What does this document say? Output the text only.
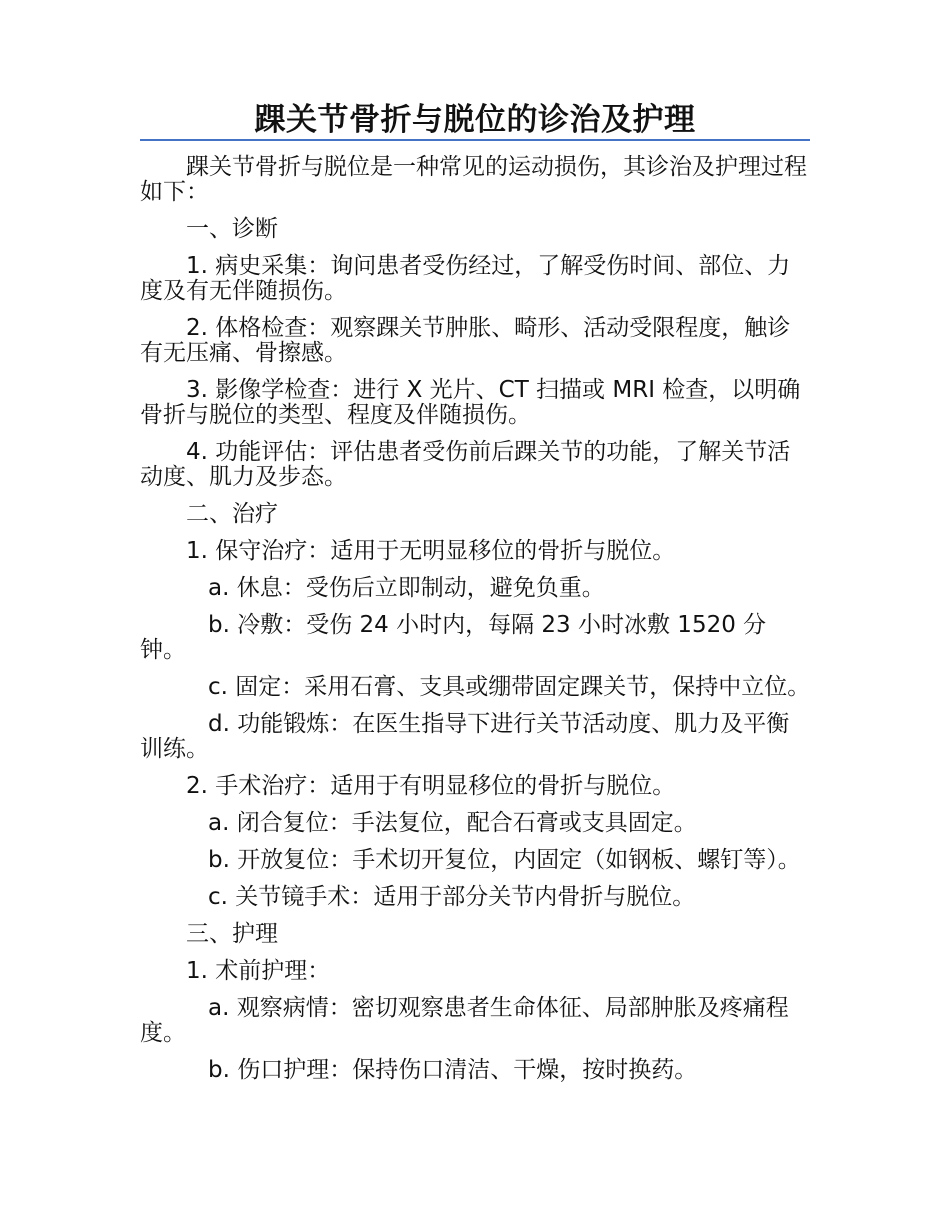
踝关节骨折与脱位的诊治及护理

踝关节骨折与脱位是一种常见的运动损伤，其诊治及护理过程如下：

一、诊断

1. 病史采集：询问患者受伤经过，了解受伤时间、部位、力度及有无伴随损伤。

2. 体格检查：观察踝关节肿胀、畸形、活动受限程度，触诊有无压痛、骨擦感。

3. 影像学检查：进行 X 光片、CT 扫描或 MRI 检查，以明确骨折与脱位的类型、程度及伴随损伤。

4. 功能评估：评估患者受伤前后踝关节的功能，了解关节活动度、肌力及步态。

二、治疗

1. 保守治疗：适用于无明显移位的骨折与脱位。

a. 休息：受伤后立即制动，避免负重。

b. 冷敷：受伤 24 小时内，每隔 23 小时冰敷 1520 分钟。

c. 固定：采用石膏、支具或绷带固定踝关节，保持中立位。

d. 功能锻炼：在医生指导下进行关节活动度、肌力及平衡训练。

2. 手术治疗：适用于有明显移位的骨折与脱位。

a. 闭合复位：手法复位，配合石膏或支具固定。

b. 开放复位：手术切开复位，内固定（如钢板、螺钉等）。

c. 关节镜手术：适用于部分关节内骨折与脱位。

三、护理

1. 术前护理：

a. 观察病情：密切观察患者生命体征、局部肿胀及疼痛程度。

b. 伤口护理：保持伤口清洁、干燥，按时换药。
